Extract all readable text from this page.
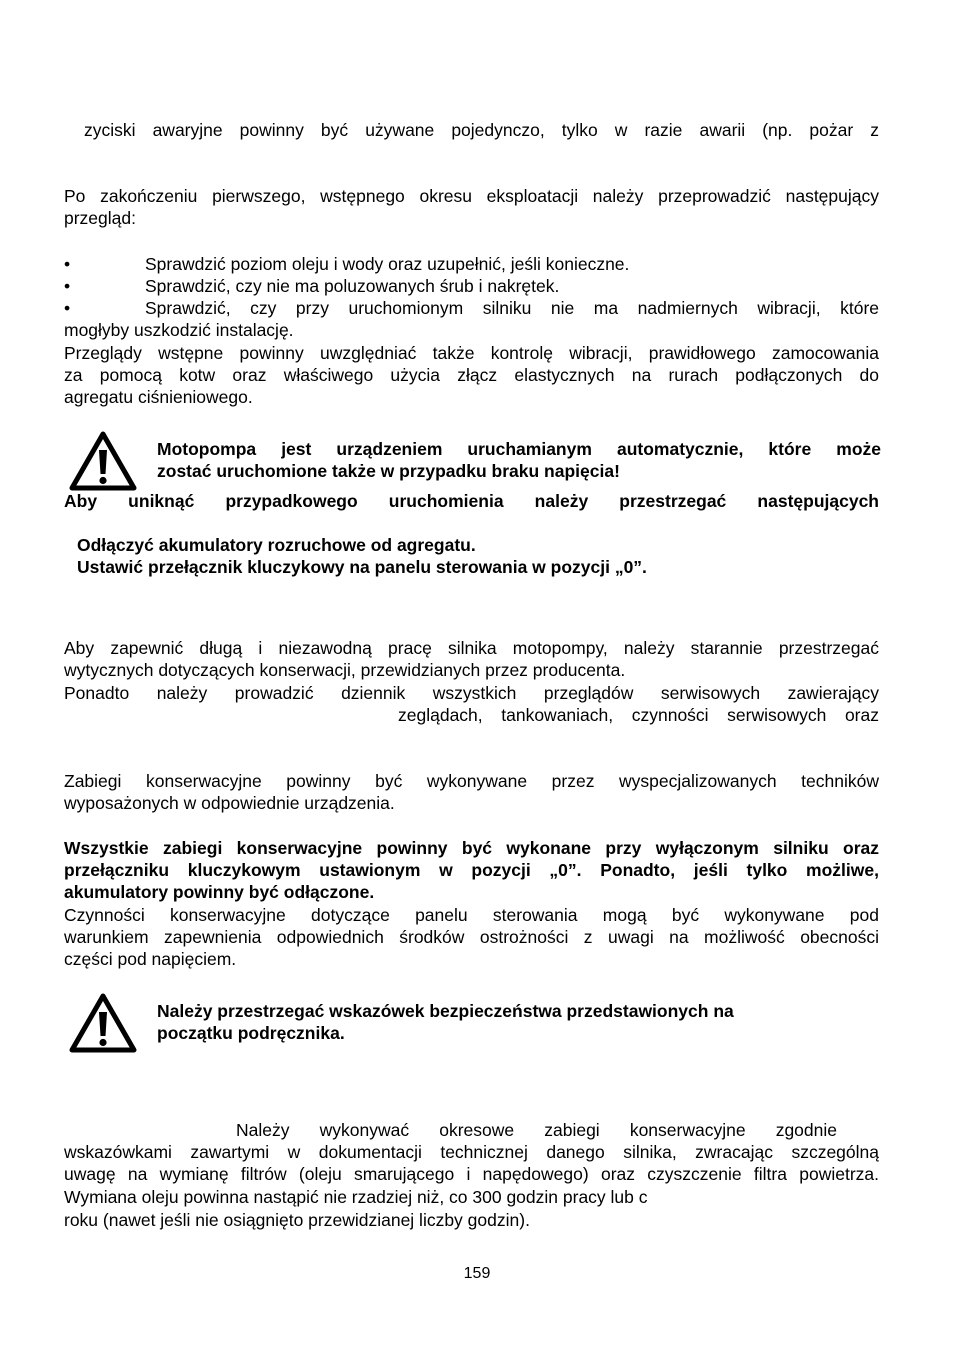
zyciski awaryjne powinny być używane pojedynczo, tylko w razie awarii (np. pożar z
Po zakończeniu pierwszego, wstępnego okresu eksploatacji należy przeprowadzić następujący
przegląd:
•	Sprawdzić poziom oleju i wody oraz uzupełnić, jeśli konieczne.
•	Sprawdzić, czy nie ma poluzowanych śrub i nakrętek.
•	Sprawdzić, czy przy uruchomionym silniku nie ma nadmiernych wibracji, które
mogłyby uszkodzić instalację.
Przeglądy wstępne powinny uwzględniać także kontrolę wibracji, prawidłowego zamocowania
za pomocą kotw oraz właściwego użycia złącz elastycznych na rurach podłączonych do
agregatu ciśnieniowego.
Motopompa jest urządzeniem uruchamianym automatycznie, które może
zostać uruchomione także w przypadku braku napięcia!
Aby uniknąć przypadkowego uruchomienia należy przestrzegać następujących
Odłączyć akumulatory rozruchowe od agregatu.
Ustawić przełącznik kluczykowy na panelu sterowania w pozycji „0”.
Aby zapewnić długą i niezawodną pracę silnika motopompy, należy starannie przestrzegać
wytycznych dotyczących konserwacji, przewidzianych przez producenta.
Ponadto należy prowadzić dziennik wszystkich przeglądów serwisowych zawierający
zeglądach, tankowaniach, czynności serwisowych oraz
Zabiegi konserwacyjne powinny być wykonywane przez wyspecjalizowanych techników
wyposażonych w odpowiednie urządzenia.
Wszystkie zabiegi konserwacyjne powinny być wykonane przy wyłączonym silniku oraz
przełączniku kluczykowym ustawionym w pozycji „0”. Ponadto, jeśli tylko możliwe,
akumulatory powinny być odłączone.
Czynności konserwacyjne dotyczące panelu sterowania mogą być wykonywane pod
warunkiem zapewnienia odpowiednich środków ostrożności z uwagi na możliwość obecności
części pod napięciem.
Należy przestrzegać wskazówek bezpieczeństwa przedstawionych na
początku podręcznika.
Należy wykonywać okresowe zabiegi konserwacyjne zgodnie
wskazówkami zawartymi w dokumentacji technicznej danego silnika, zwracając szczególną
uwagę na wymianę filtrów (oleju smarującego i napędowego) oraz czyszczenie filtra powietrza.
Wymiana oleju powinna nastąpić nie rzadziej niż, co 300 godzin pracy lub c
roku (nawet jeśli nie osiągnięto przewidzianej liczby godzin).
159
